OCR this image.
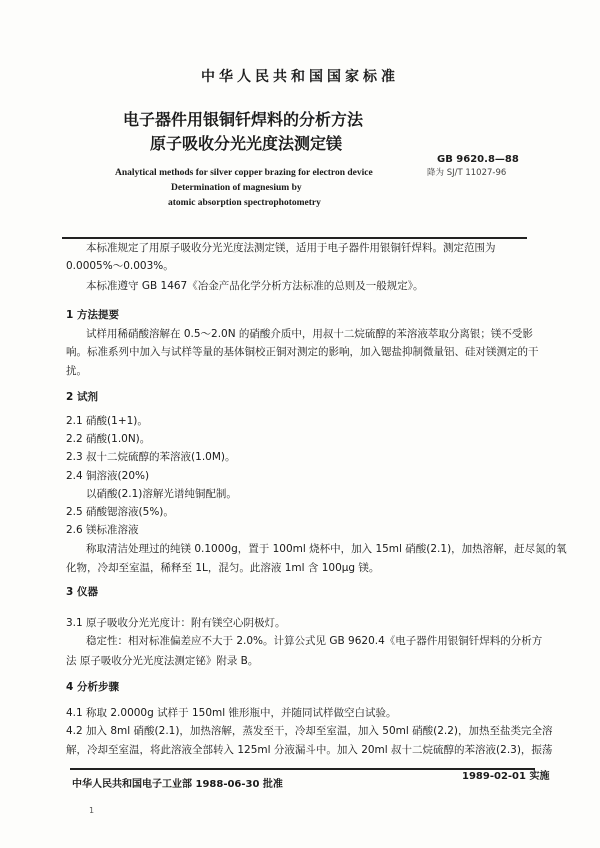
中华人民共和国国家标准
电子器件用银铜钎焊料的分析方法
原子吸收分光光度法测定镁
GB 9620.8—88
降为 SJ/T 11027-96
Analytical methods for silver copper brazing for electron device
Determination of magnesium by
atomic absorption spectrophotometry
本标准规定了用原子吸收分光光度法测定镁，适用于电子器件用银铜钎焊料。测定范围为
0.0005%～0.003%。
本标准遵守 GB 1467《冶金产品化学分析方法标准的总则及一般规定》。
1 方法提要
试样用稀硝酸溶解在 0.5～2.0N 的硝酸介质中，用叔十二烷硫醇的苯溶液萃取分离银；镁不受影
响。标准系列中加入与试样等量的基体铜校正铜对测定的影响，加入锶盐抑制微量铝、硅对镁测定的干
扰。
2 试剂
2.1 硝酸(1+1)。
2.2 硝酸(1.0N)。
2.3 叔十二烷硫醇的苯溶液(1.0M)。
2.4 铜溶液(20%)
以硝酸(2.1)溶解光谱纯铜配制。
2.5 硝酸锶溶液(5%)。
2.6 镁标准溶液
称取清洁处理过的纯镁 0.1000g，置于 100ml 烧杯中，加入 15ml 硝酸(2.1)，加热溶解，赶尽氮的氧
化物，冷却至室温，稀释至 1L，混匀。此溶液 1ml 含 100μg 镁。
3 仪器
3.1 原子吸收分光光度计：附有镁空心阴极灯。
稳定性：相对标准偏差应不大于 2.0%。计算公式见 GB 9620.4《电子器件用银铜钎焊料的分析方
法 原子吸收分光光度法测定铋》附录 B。
4 分析步骤
4.1 称取 2.0000g 试样于 150ml 锥形瓶中，并随同试样做空白试验。
4.2 加入 8ml 硝酸(2.1)，加热溶解，蒸发至干，冷却至室温，加入 50ml 硝酸(2.2)，加热至盐类完全溶
解，冷却至室温，将此溶液全部转入 125ml 分液漏斗中。加入 20ml 叔十二烷硫醇的苯溶液(2.3)，振荡
中华人民共和国电子工业部 1988-06-30 批准
1989-02-01 实施
1
